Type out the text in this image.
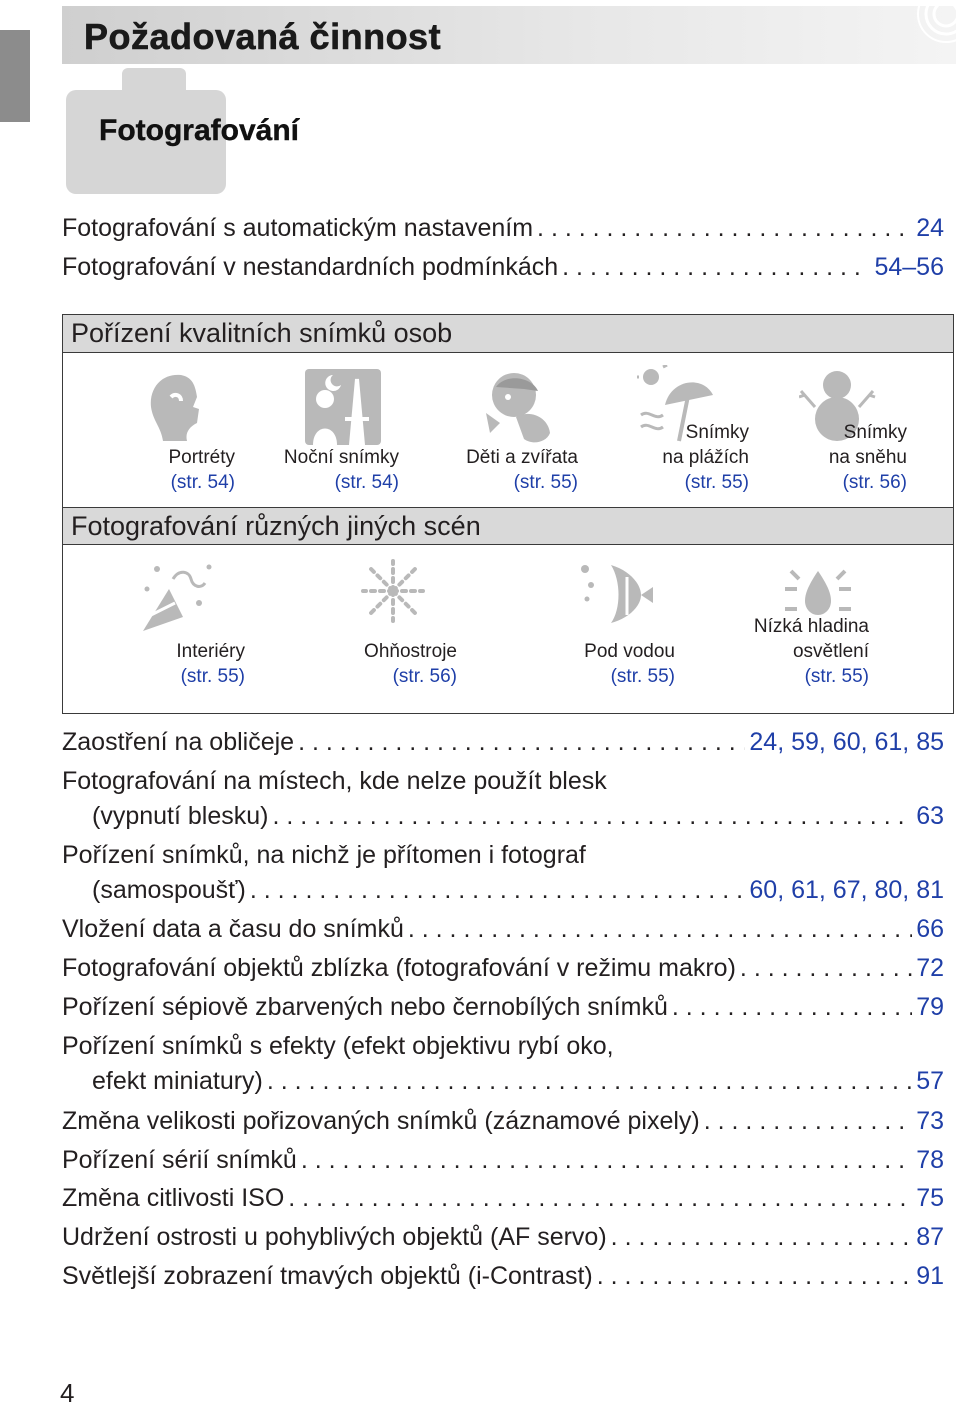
Požadovaná činnost
Fotografování
Fotografování s automatickým nastavením . . .	24
Fotografování v nestandardních podmínkách . . .	54–56
Pořízení kvalitních snímků osob
Portréty
(str. 54)
Noční snímky
(str. 54)
Děti a zvířata
(str. 55)
Snímky
na plážích
(str. 55)
Snímky
na sněhu
(str. 56)
Fotografování různých jiných scén
Interiéry
(str. 55)
Ohňostroje
(str. 56)
Pod vodou
(str. 55)
Nízká hladina
osvětlení
(str. 55)
Zaostření na obličeje . . .	24, 59, 60, 61, 85
Fotografování na místech, kde nelze použít blesk
(vypnutí blesku) . . .	63
Pořízení snímků, na nichž je přítomen i fotograf
(samospoušť) . . .	60, 61, 67, 80, 81
Vložení data a času do snímků . . .	66
Fotografování objektů zblízka (fotografování v režimu makro) . . .	72
Pořízení sépiově zbarvených nebo černobílých snímků . . .	79
Pořízení snímků s efekty (efekt objektivu rybí oko,
efekt miniatury) . . .	57
Změna velikosti pořizovaných snímků (záznamové pixely) . . .	73
Pořízení sérií snímků . . .	78
Změna citlivosti ISO . . .	75
Udržení ostrosti u pohyblivých objektů (AF servo) . . .	87
Světlejší zobrazení tmavých objektů (i-Contrast) . . .	91
4
